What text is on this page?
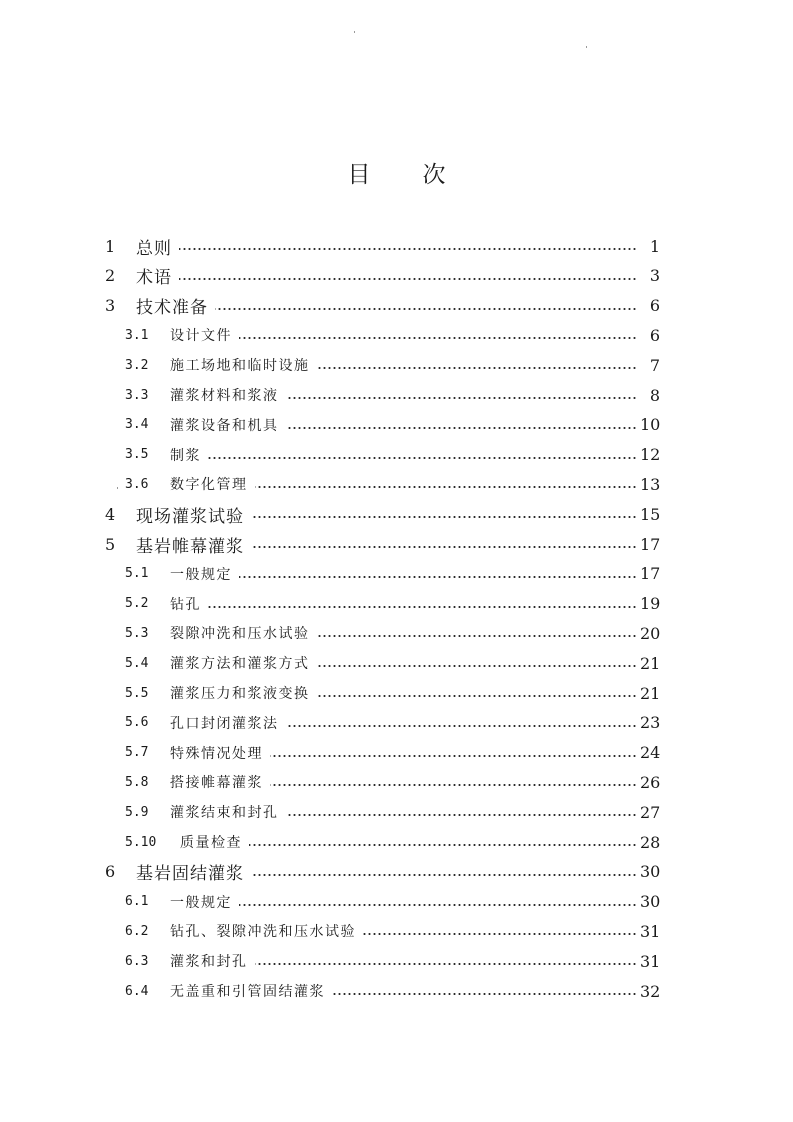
目 次
1 总则	1
2 术语	3
3 技术准备	6
3.1 设计文件	6
3.2 施工场地和临时设施	7
3.3 灌浆材料和浆液	8
3.4 灌浆设备和机具	10
3.5 制浆	12
3.6 数字化管理	13
4 现场灌浆试验	15
5 基岩帷幕灌浆	17
5.1 一般规定	17
5.2 钻孔	19
5.3 裂隙冲洗和压水试验	20
5.4 灌浆方法和灌浆方式	21
5.5 灌浆压力和浆液变换	21
5.6 孔口封闭灌浆法	23
5.7 特殊情况处理	24
5.8 搭接帷幕灌浆	26
5.9 灌浆结束和封孔	27
5.10 质量检查	28
6 基岩固结灌浆	30
6.1 一般规定	30
6.2 钻孔、裂隙冲洗和压水试验	31
6.3 灌浆和封孔	31
6.4 无盖重和引管固结灌浆	32
